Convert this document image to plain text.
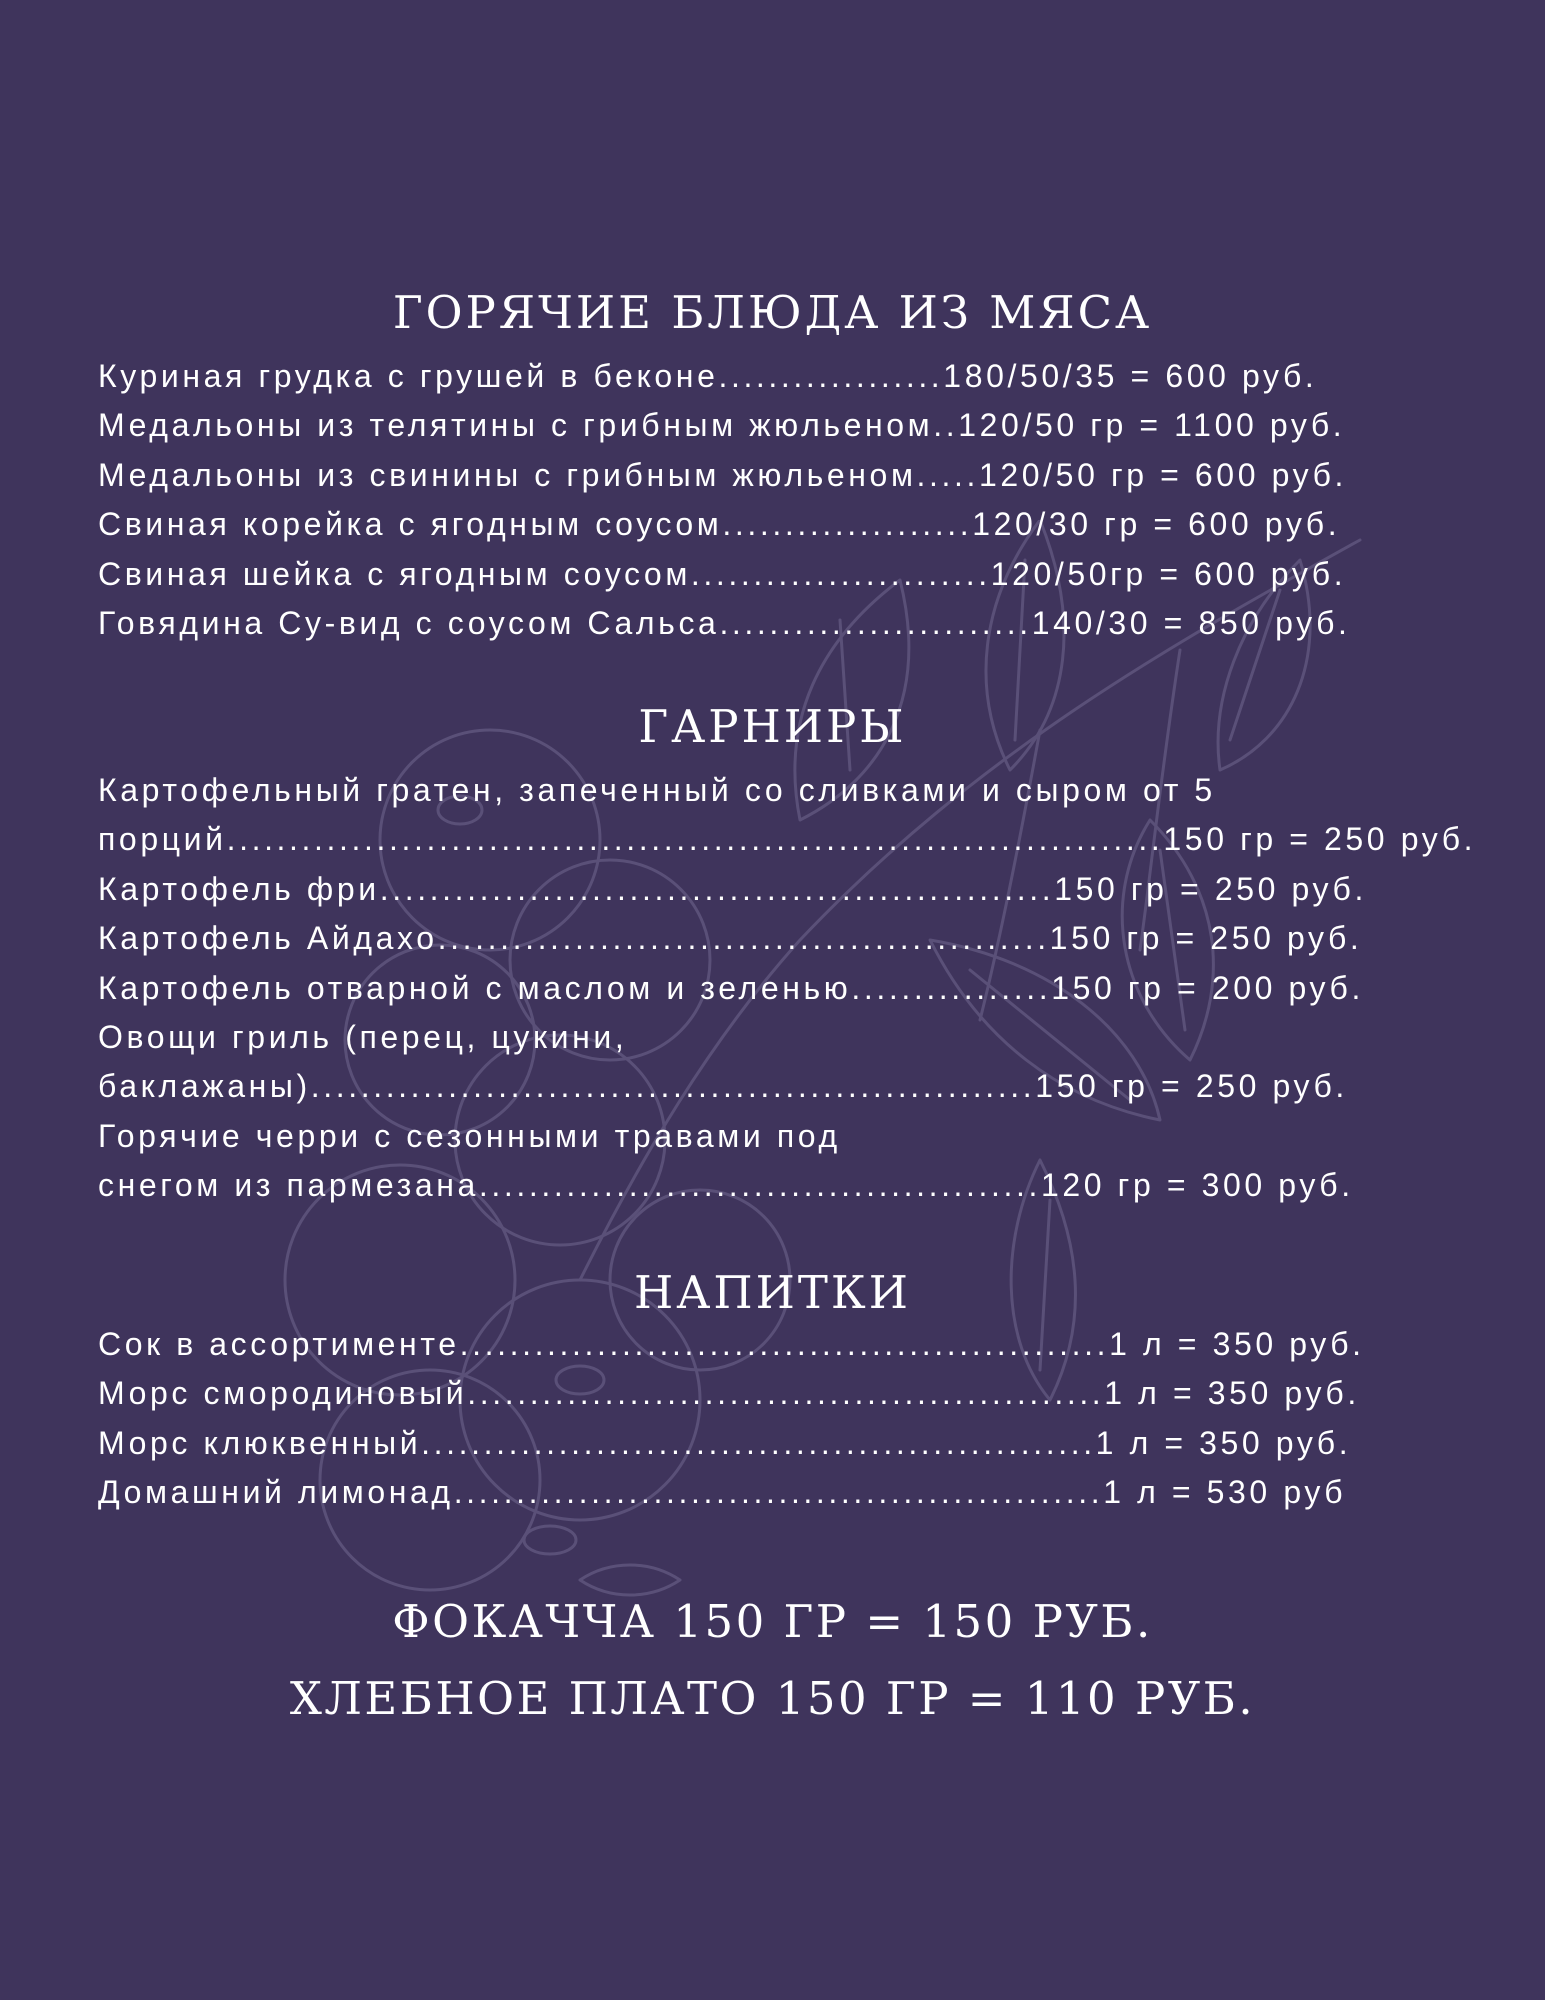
ГОРЯЧИЕ БЛЮДА ИЗ МЯСА
Куриная грудка с грушей в беконе..................180/50/35 = 600 руб.
Медальоны из телятины с грибным жюльеном..120/50 гр = 1100 руб.
Медальоны из свинины с грибным жюльеном.....120/50 гр = 600 руб.
Свиная корейка с ягодным соусом....................120/30 гр = 600 руб.
Свиная шейка с ягодным соусом........................120/50гр = 600 руб.
Говядина Су-вид с соусом Сальса.........................140/30 = 850 руб.
ГАРНИРЫ
Картофельный гратен, запеченный со сливками и сыром от 5
порций...........................................................................150 гр = 250 руб.
Картофель фри......................................................150 гр = 250 руб.
Картофель Айдахо.................................................150 гр = 250 руб.
Картофель отварной с маслом и зеленью................150 гр = 200 руб.
Овощи гриль (перец, цукини,
баклажаны)..........................................................150 гр = 250 руб.
Горячие черри с сезонными травами под
снегом из пармезана.............................................120 гр = 300 руб.
НАПИТКИ
Сок в ассортименте....................................................1 л = 350 руб.
Морс смородиновый...................................................1 л = 350 руб.
Морс клюквенный......................................................1 л = 350 руб.
Домашний лимонад....................................................1 л = 530 руб
ФОКАЧЧА 150 ГР = 150 РУБ.
ХЛЕБНОЕ ПЛАТО 150 ГР = 110 РУБ.
